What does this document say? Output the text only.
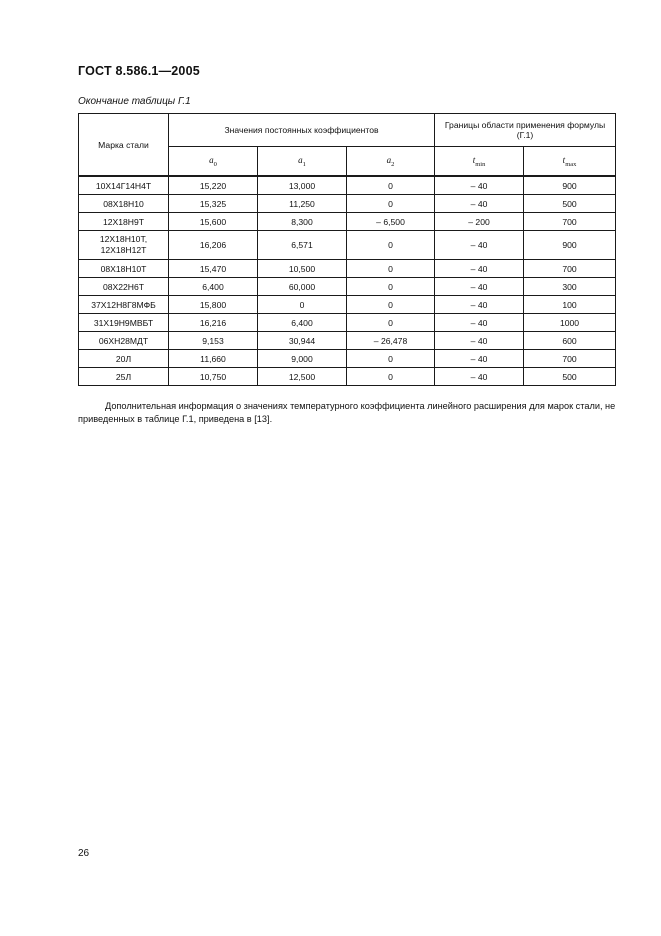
ГОСТ 8.586.1—2005
Окончание таблицы Г.1
Марка стали	Значения постоянных коэффициентов			Границы области применения формулы (Г.1)	
	$a_0$	$a_1$	$a_2$	$t_{min}$	$t_{max}$
10Х14Г14Н4Т	15,220	13,000	0	– 40	900
08Х18Н10	15,325	11,250	0	– 40	500
12Х18Н9Т	15,600	8,300	– 6,500	– 200	700

12Х18Н10Т,
12Х18Н12Т	16,206	6,571	0	– 40	900
08Х18Н10Т	15,470	10,500	0	– 40	700
08Х22Н6Т	6,400	60,000	0	– 40	300
37Х12Н8Г8МФБ	15,800	0	0	– 40	100
31Х19Н9МВБТ	16,216	6,400	0	– 40	1000
06ХН28МДТ	9,153	30,944	– 26,478	– 40	600
20Л	11,660	9,000	0	– 40	700
25Л	10,750	12,500	0	– 40	500
Дополнительная информация о значениях температурного коэффициента линейного расширения для марок стали, не приведенных в таблице Г.1, приведена в [13].
26
